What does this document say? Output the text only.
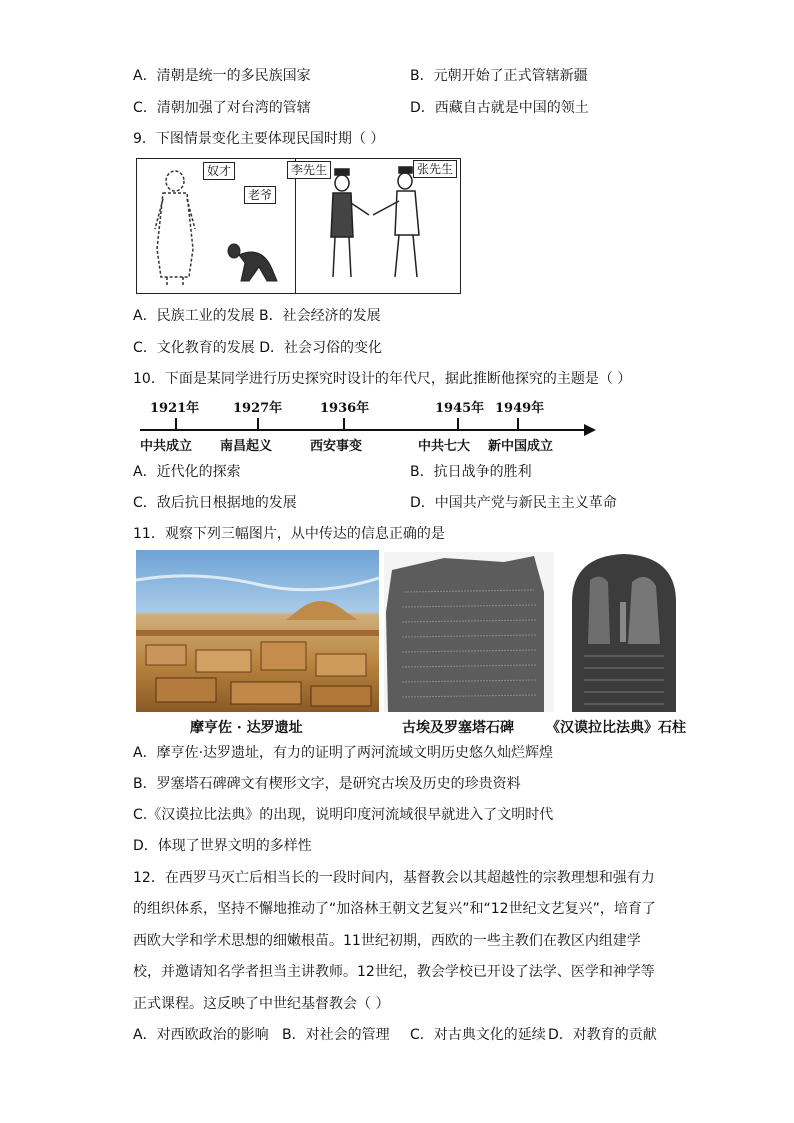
A．清朝是统一的多民族国家	B．元朝开始了正式管辖新疆
C．清朝加强了对台湾的管辖	D．西藏自古就是中国的领土
9．下图情景变化主要体现民国时期（ ）
奴才
老爷
李先生	张先生
A．民族工业的发展 B．社会经济的发展
C．文化教育的发展 D．社会习俗的变化
10．下面是某同学进行历史探究时设计的年代尺，据此推断他探究的主题是（ ）
1921年	1927年	1936年	1945年 1949年
中共成立 南昌起义	西安事变	中共七大 新中国成立
A．近代化的探索	B．抗日战争的胜利
C．敌后抗日根据地的发展	D．中国共产党与新民主主义革命
11．观察下列三幅图片，从中传达的信息正确的是
摩亨佐 · 达罗遗址	古埃及罗塞塔石碑 《汉谟拉比法典》石柱
A．摩亨佐·达罗遗址，有力的证明了两河流域文明历史悠久灿烂辉煌
B．罗塞塔石碑碑文有楔形文字，是研究古埃及历史的珍贵资料
C.《汉谟拉比法典》的出现，说明印度河流域很早就进入了文明时代
D．体现了世界文明的多样性
12．在西罗马灭亡后相当长的一段时间内，基督教会以其超越性的宗教理想和强有力
的组织体系，坚持不懈地推动了“加洛林王朝文艺复兴”和“12世纪文艺复兴”，培育了
西欧大学和学术思想的细嫩根苗。11世纪初期，西欧的一些主教们在教区内组建学
校，并邀请知名学者担当主讲教师。12世纪，教会学校已开设了法学、医学和神学等
正式课程。这反映了中世纪基督教会（ ）
A．对西欧政治的影响 B．对社会的管理 C．对古典文化的延续 D．对教育的贡献
